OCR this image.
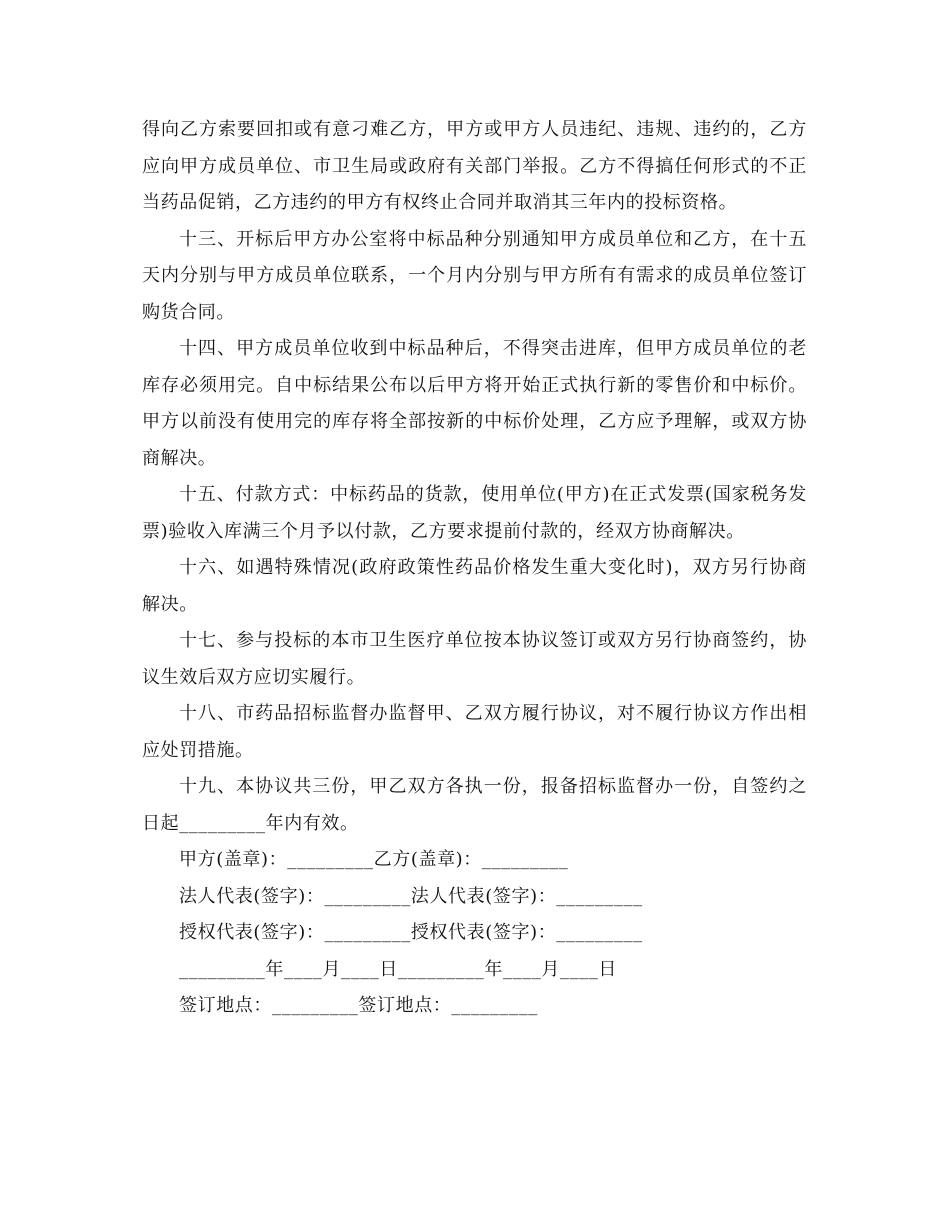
得向乙方索要回扣或有意刁难乙方，甲方或甲方人员违纪、违规、违约的，乙方应向甲方成员单位、市卫生局或政府有关部门举报。乙方不得搞任何形式的不正当药品促销，乙方违约的甲方有权终止合同并取消其三年内的投标资格。

十三、开标后甲方办公室将中标品种分别通知甲方成员单位和乙方，在十五天内分别与甲方成员单位联系，一个月内分别与甲方所有有需求的成员单位签订购货合同。

十四、甲方成员单位收到中标品种后，不得突击进库，但甲方成员单位的老库存必须用完。自中标结果公布以后甲方将开始正式执行新的零售价和中标价。甲方以前没有使用完的库存将全部按新的中标价处理，乙方应予理解，或双方协商解决。

十五、付款方式：中标药品的货款，使用单位(甲方)在正式发票(国家税务发票)验收入库满三个月予以付款，乙方要求提前付款的，经双方协商解决。

十六、如遇特殊情况(政府政策性药品价格发生重大变化时)，双方另行协商解决。

十七、参与投标的本市卫生医疗单位按本协议签订或双方另行协商签约，协议生效后双方应切实履行。

十八、市药品招标监督办监督甲、乙双方履行协议，对不履行协议方作出相应处罚措施。

十九、本协议共三份，甲乙双方各执一份，报备招标监督办一份，自签约之日起_________年内有效。

甲方(盖章)：_________乙方(盖章)：_________

法人代表(签字)：_________法人代表(签字)：_________

授权代表(签字)：_________授权代表(签字)：_________

_________年____月____日_________年____月____日

签订地点：_________签订地点：_________
